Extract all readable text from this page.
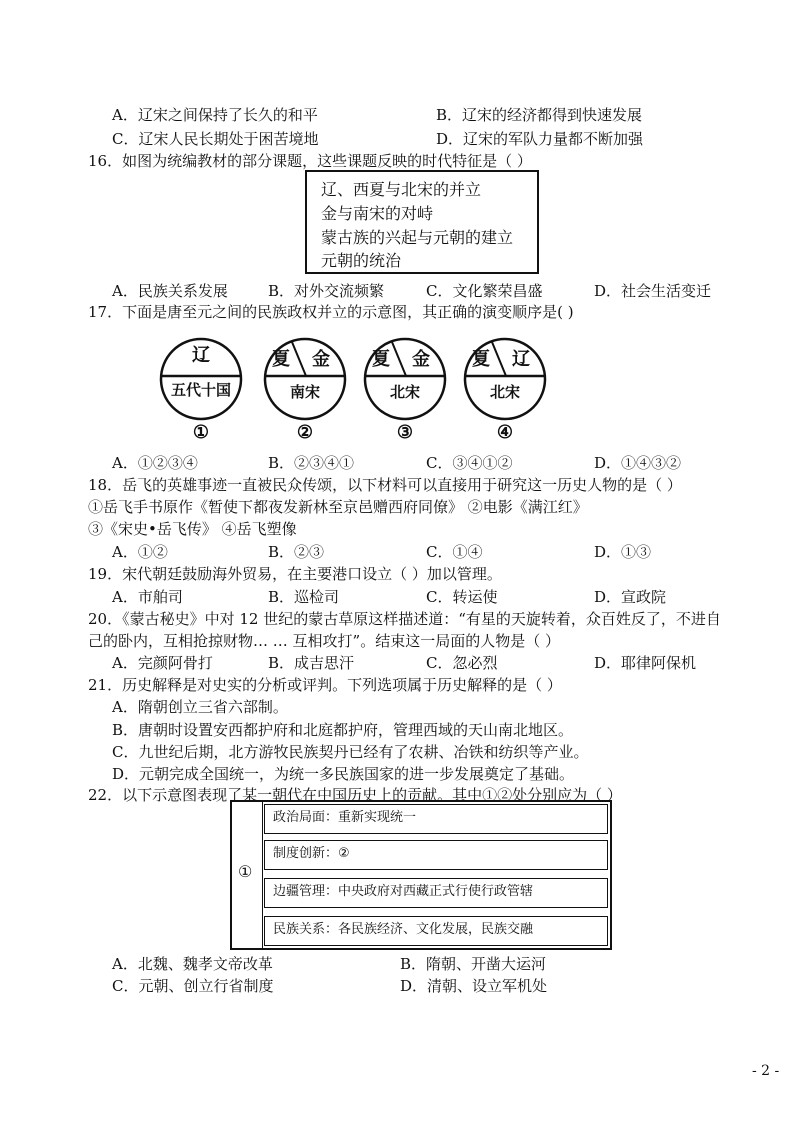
A．辽宋之间保持了长久的和平	B．辽宋的经济都得到快速发展
C．辽宋人民长期处于困苦境地	D．辽宋的军队力量都不断加强
16．如图为统编教材的部分课题，这些课题反映的时代特征是（ ）
辽、西夏与北宋的并立
金与南宋的对峙
蒙古族的兴起与元朝的建立
元朝的统治
A．民族关系发展	B．对外交流频繁	C．文化繁荣昌盛	D．社会生活变迁
17．下面是唐至元之间的民族政权并立的示意图，其正确的演变顺序是( )
辽
五代十国
①
夏	金
南宋
②
夏	金
北宋
③
夏	辽
北宋
④
A．①②③④	B．②③④①	C．③④①②	D．①④③②
18．岳飞的英雄事迹一直被民众传颂，以下材料可以直接用于研究这一历史人物的是（ ）
①岳飞手书原作《暂使下都夜发新林至京邑赠西府同僚》 ②电影《满江红》
③《宋史•岳飞传》 ④岳飞塑像
A．①②	B．②③	C．①④	D．①③
19．宋代朝廷鼓励海外贸易，在主要港口设立（ ）加以管理。
A．市舶司	B．巡检司	C．转运使	D．宣政院
20．《蒙古秘史》中对 12 世纪的蒙古草原这样描述道：“有星的天旋转着，众百姓反了，不进自
己的卧内，互相抢掠财物… … 互相攻打”。结束这一局面的人物是（ ）
A．完颜阿骨打	B．成吉思汗	C．忽必烈	D．耶律阿保机
21．历史解释是对史实的分析或评判。下列选项属于历史解释的是（ ）
A．隋朝创立三省六部制。
B．唐朝时设置安西都护府和北庭都护府，管理西域的天山南北地区。
C．九世纪后期，北方游牧民族契丹已经有了农耕、冶铁和纺织等产业。
D．元朝完成全国统一，为统一多民族国家的进一步发展奠定了基础。
22．以下示意图表现了某一朝代在中国历史上的贡献。其中①②处分别应为（ ）
①
政治局面：重新实现统一
制度创新：②
边疆管理：中央政府对西藏正式行使行政管辖
民族关系：各民族经济、文化发展，民族交融
A．北魏、魏孝文帝改革	B．隋朝、开凿大运河
C．元朝、创立行省制度	D．清朝、设立军机处
- 2 -
